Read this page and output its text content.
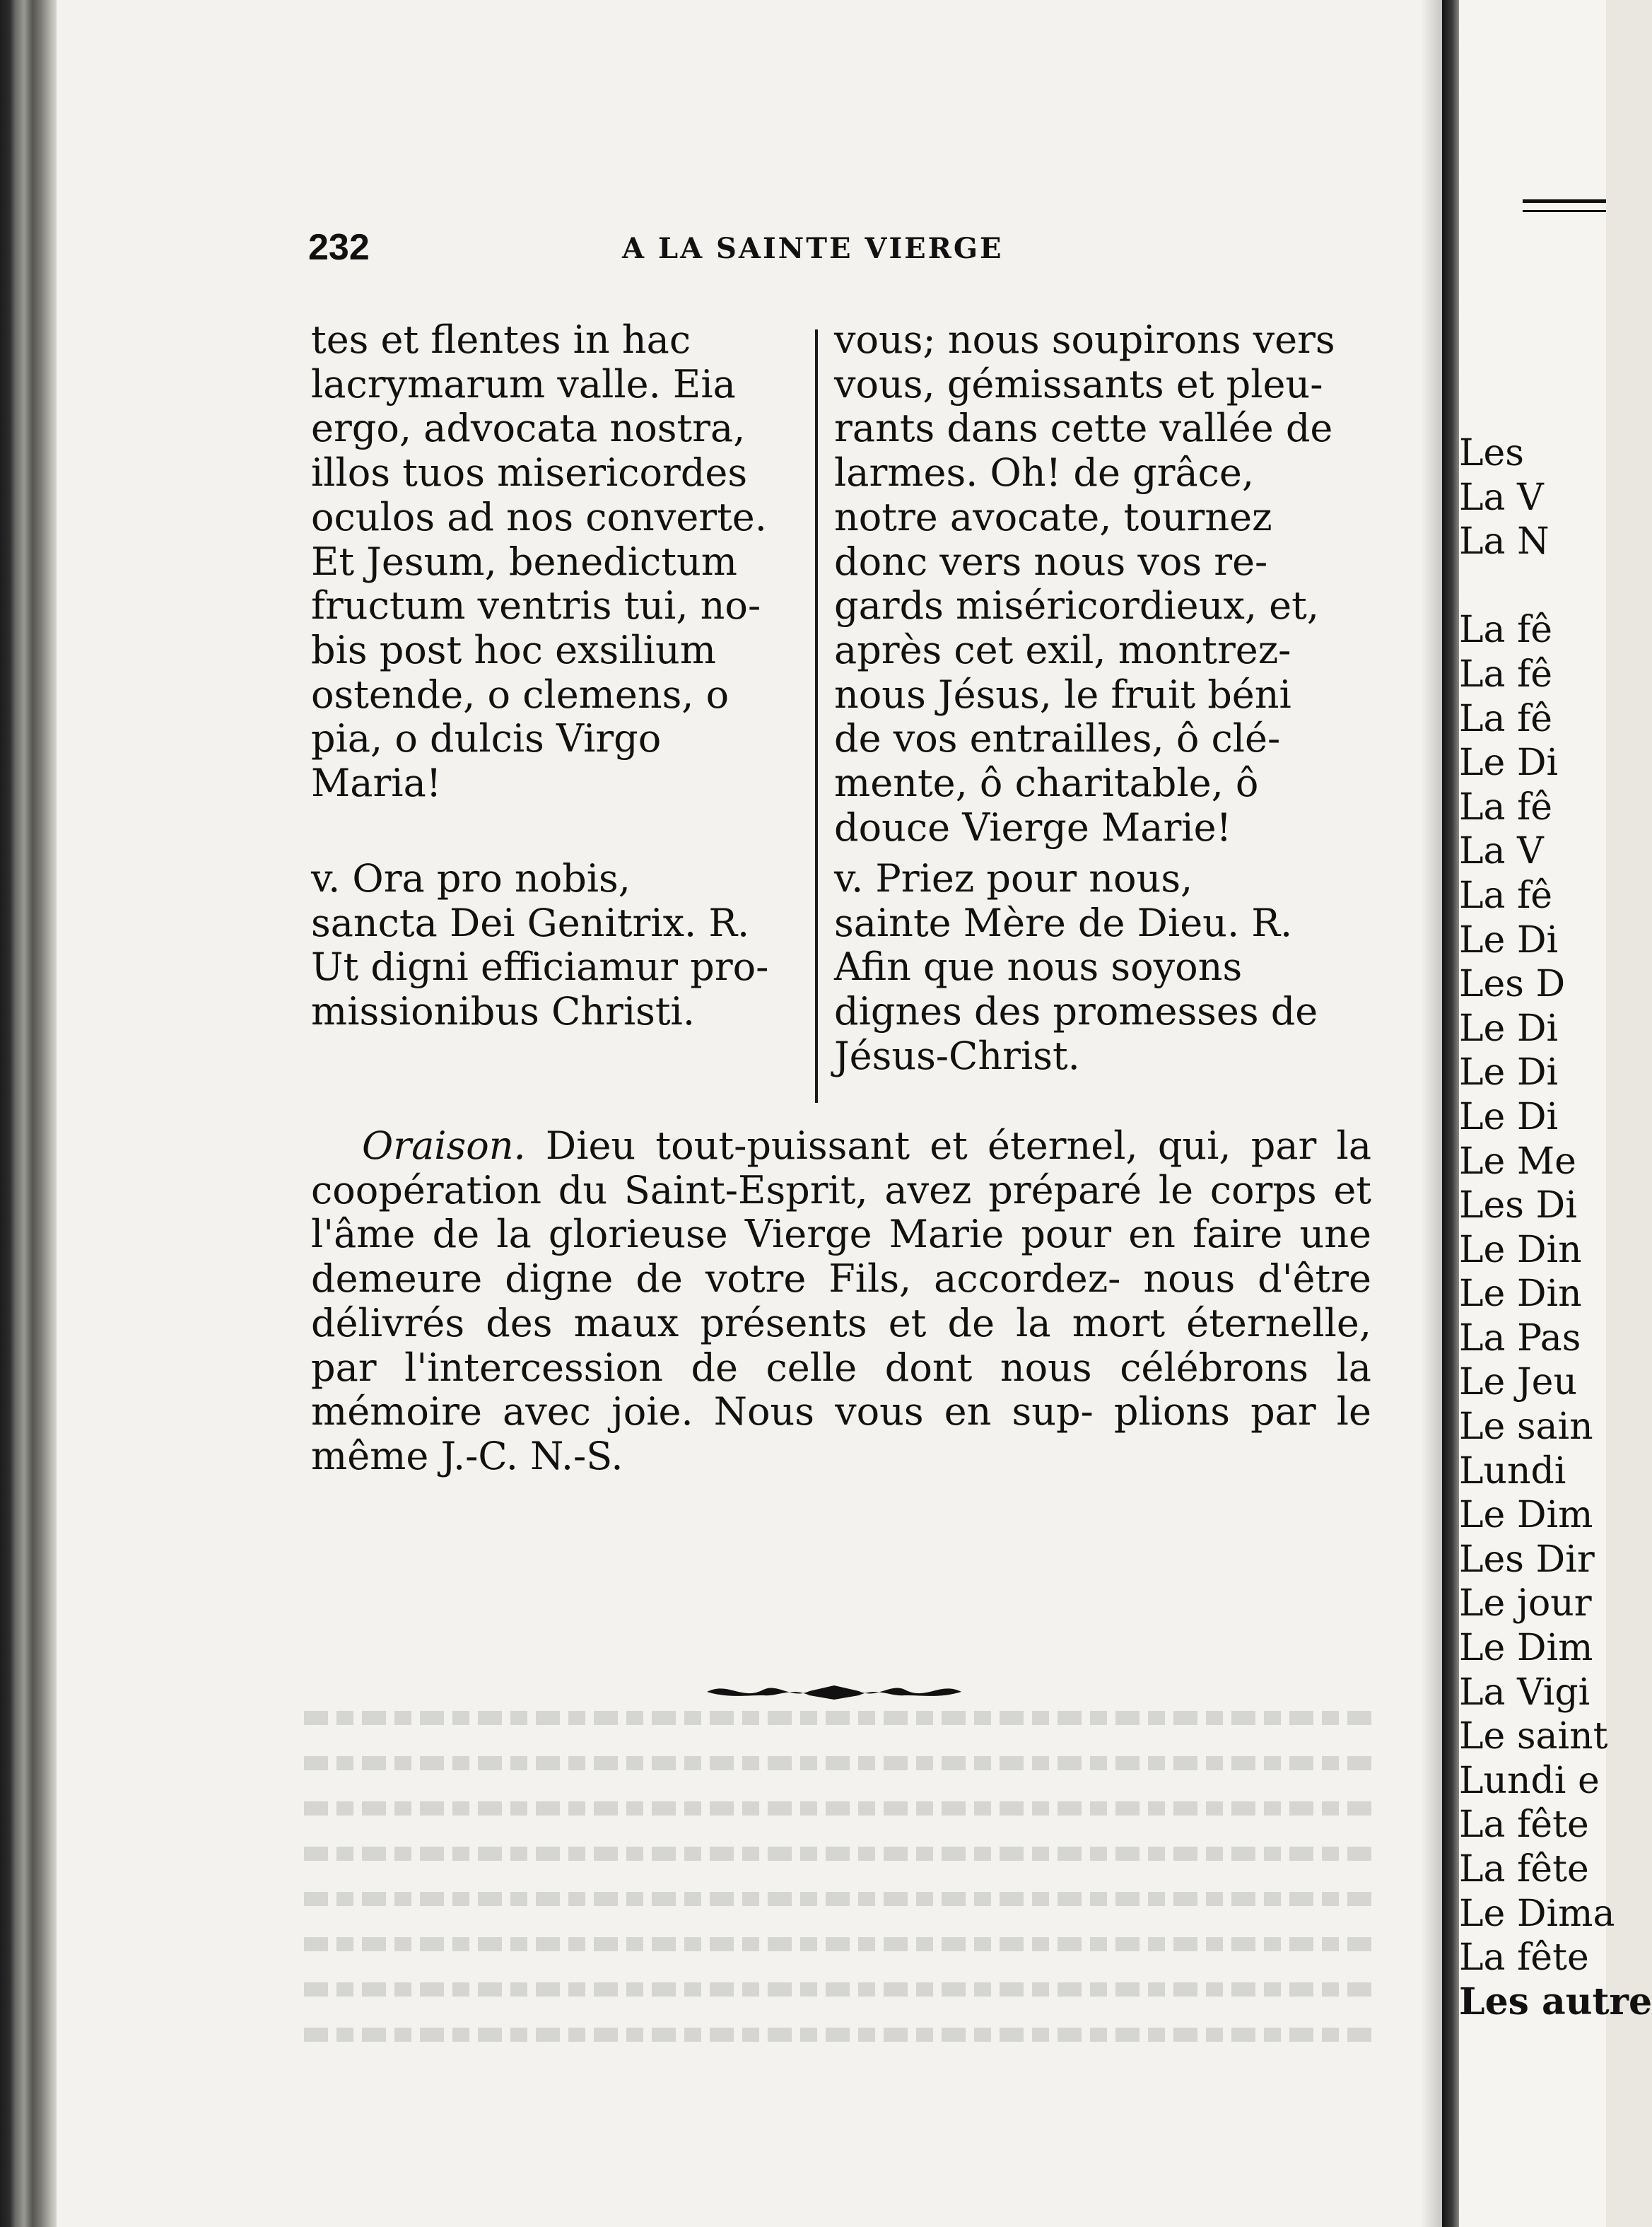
232	A LA SAINTE VIERGE

tes et flentes in hac
lacrymarum valle. Eia
ergo, advocata nostra,
illos tuos misericordes
oculos ad nos converte.
Et Jesum, benedictum
fructum ventris tui, no-
bis post hoc exsilium
ostende, o clemens, o
pia, o dulcis Virgo
Maria!
vous; nous soupirons vers
vous, gémissants et pleu-
rants dans cette vallée de
larmes. Oh! de grâce,
notre avocate, tournez
donc vers nous vos re-
gards miséricordieux, et,
après cet exil, montrez-
nous Jésus, le fruit béni
de vos entrailles, ô clé-
mente, ô charitable, ô
douce Vierge Marie!
v. Ora pro nobis,
sancta Dei Genitrix. R.
Ut digni efficiamur pro-
missionibus Christi.
v. Priez pour nous,
sainte Mère de Dieu. R.
Afin que nous soyons
dignes des promesses de
Jésus-Christ.
Oraison. Dieu tout-puissant et éternel, qui, par la coopération du Saint-Esprit, avez préparé le corps et l'âme de la glorieuse Vierge Marie pour en faire une demeure digne de votre Fils, accordez- nous d'être délivrés des maux présents et de la mort éternelle, par l'intercession de celle dont nous célébrons la mémoire avec joie. Nous vous en sup- plions par le même J.-C. N.-S.
Les
La V
La N

La fê
La fê
La fê
Le Di
La fê
La V
La fê
Le Di
Les D
Le Di
Le Di
Le Di
Le Me
Les Di
Le Din
Le Din
La Pas
Le Jeu
Le sain
Lundi
Le Dim
Les Dir
Le jour
Le Dim
La Vigi
Le saint
Lundi e
La fête
La fête
Le Dima
La fête
Les autre
